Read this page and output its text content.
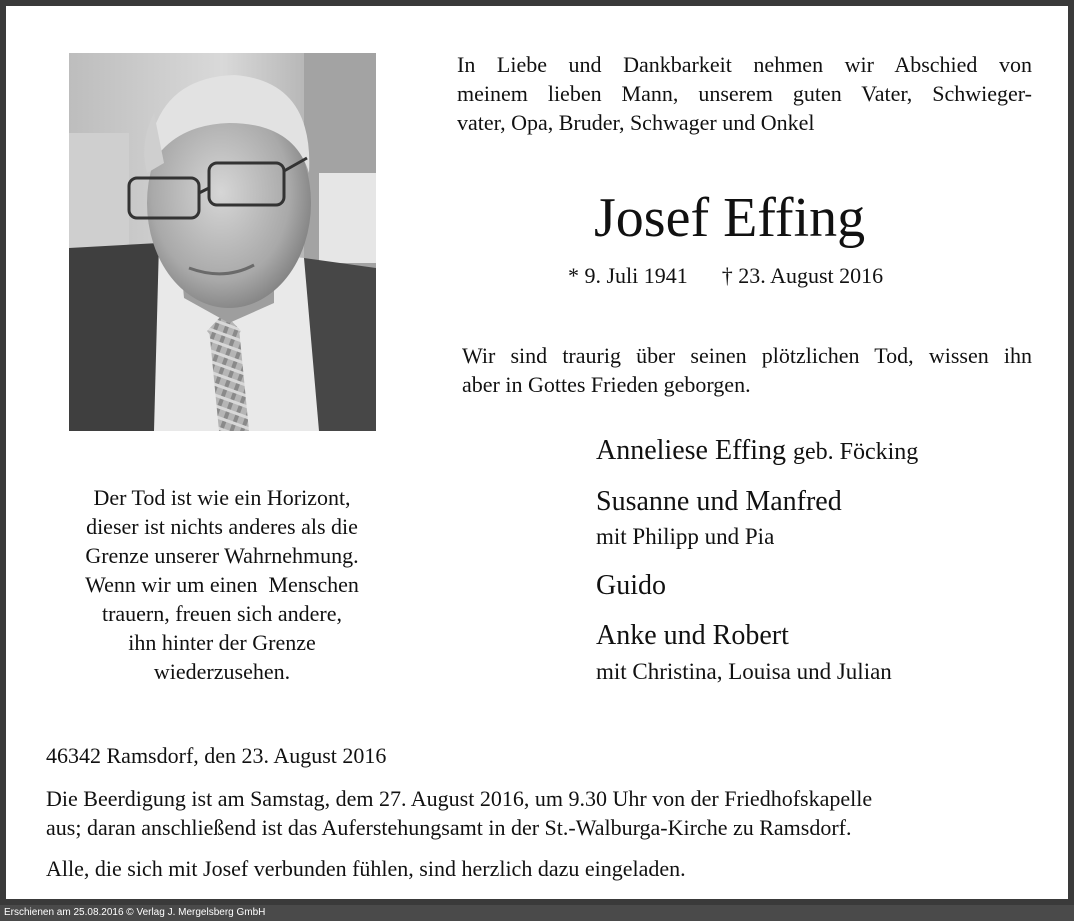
In Liebe und Dankbarkeit nehmen wir Abschied von
meinem lieben Mann, unserem guten Vater, Schwieger-
vater, Opa, Bruder, Schwager und Onkel
Josef Effing
* 9. Juli 1941 † 23. August 2016
Wir sind traurig über seinen plötzlichen Tod, wissen ihn
aber in Gottes Frieden geborgen.
Der Tod ist wie ein Horizont,
dieser ist nichts anderes als die
Grenze unserer Wahrnehmung.
Wenn wir um einen  Menschen
trauern, freuen sich andere,
ihn hinter der Grenze
wiederzusehen.
Anneliese Effing geb. Föcking
Susanne und Manfred
mit Philipp und Pia
Guido
Anke und Robert
mit Christina, Louisa und Julian
46342 Ramsdorf, den 23. August 2016
Die Beerdigung ist am Samstag, dem 27. August 2016, um 9.30 Uhr von der Friedhofskapelle
aus; daran anschließend ist das Auferstehungsamt in der St.-Walburga-Kirche zu Ramsdorf.
Alle, die sich mit Josef verbunden fühlen, sind herzlich dazu eingeladen.
Erschienen am 25.08.2016 © Verlag J. Mergelsberg GmbH
